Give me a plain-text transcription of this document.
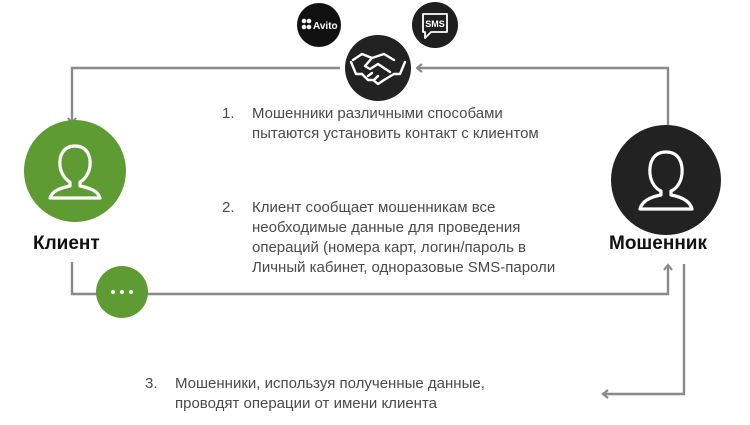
Avito	SMS
Клиент	Мошенник
1. Мошенники различными способами
пытаются установить контакт с клиентом
2. Клиент сообщает мошенникам все
необходимые данные для проведения
операций (номера карт, логин/пароль в
Личный кабинет, одноразовые SMS-пароли
3. Мошенники, используя полученные данные,
проводят операции от имени клиента
